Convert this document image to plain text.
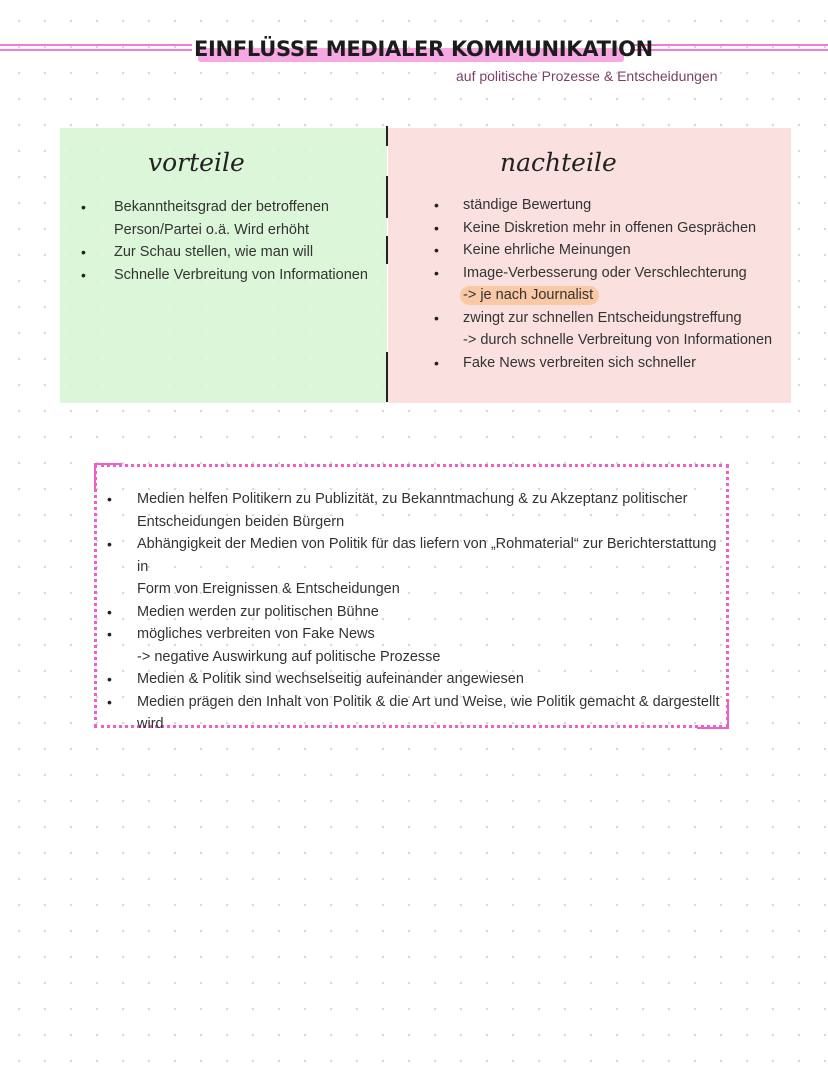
EINFLÜSSE MEDIALER KOMMUNIKATION
auf politische Prozesse & Entscheidungen
vorteile	nachteile
• Bekanntheitsgrad der betroffenen
Person/Partei o.ä. Wird erhöht
• Zur Schau stellen, wie man will
• Schnelle Verbreitung von Informationen
• ständige Bewertung
• Keine Diskretion mehr in offenen Gesprächen
• Keine ehrliche Meinungen
• Image-Verbesserung oder Verschlechterung
-> je nach Journalist
• zwingt zur schnellen Entscheidungstreffung
-> durch schnelle Verbreitung von Informationen
• Fake News verbreiten sich schneller
• Medien helfen Politikern zu Publizität, zu Bekanntmachung & zu Akzeptanz politischer
Entscheidungen beiden Bürgern
• Abhängigkeit der Medien von Politik für das liefern von „Rohmaterial“ zur Berichterstattung in
Form von Ereignissen & Entscheidungen
• Medien werden zur politischen Bühne
• mögliches verbreiten von Fake News
-> negative Auswirkung auf politische Prozesse
• Medien & Politik sind wechselseitig aufeinander angewiesen
• Medien prägen den Inhalt von Politik & die Art und Weise, wie Politik gemacht & dargestellt
wird
